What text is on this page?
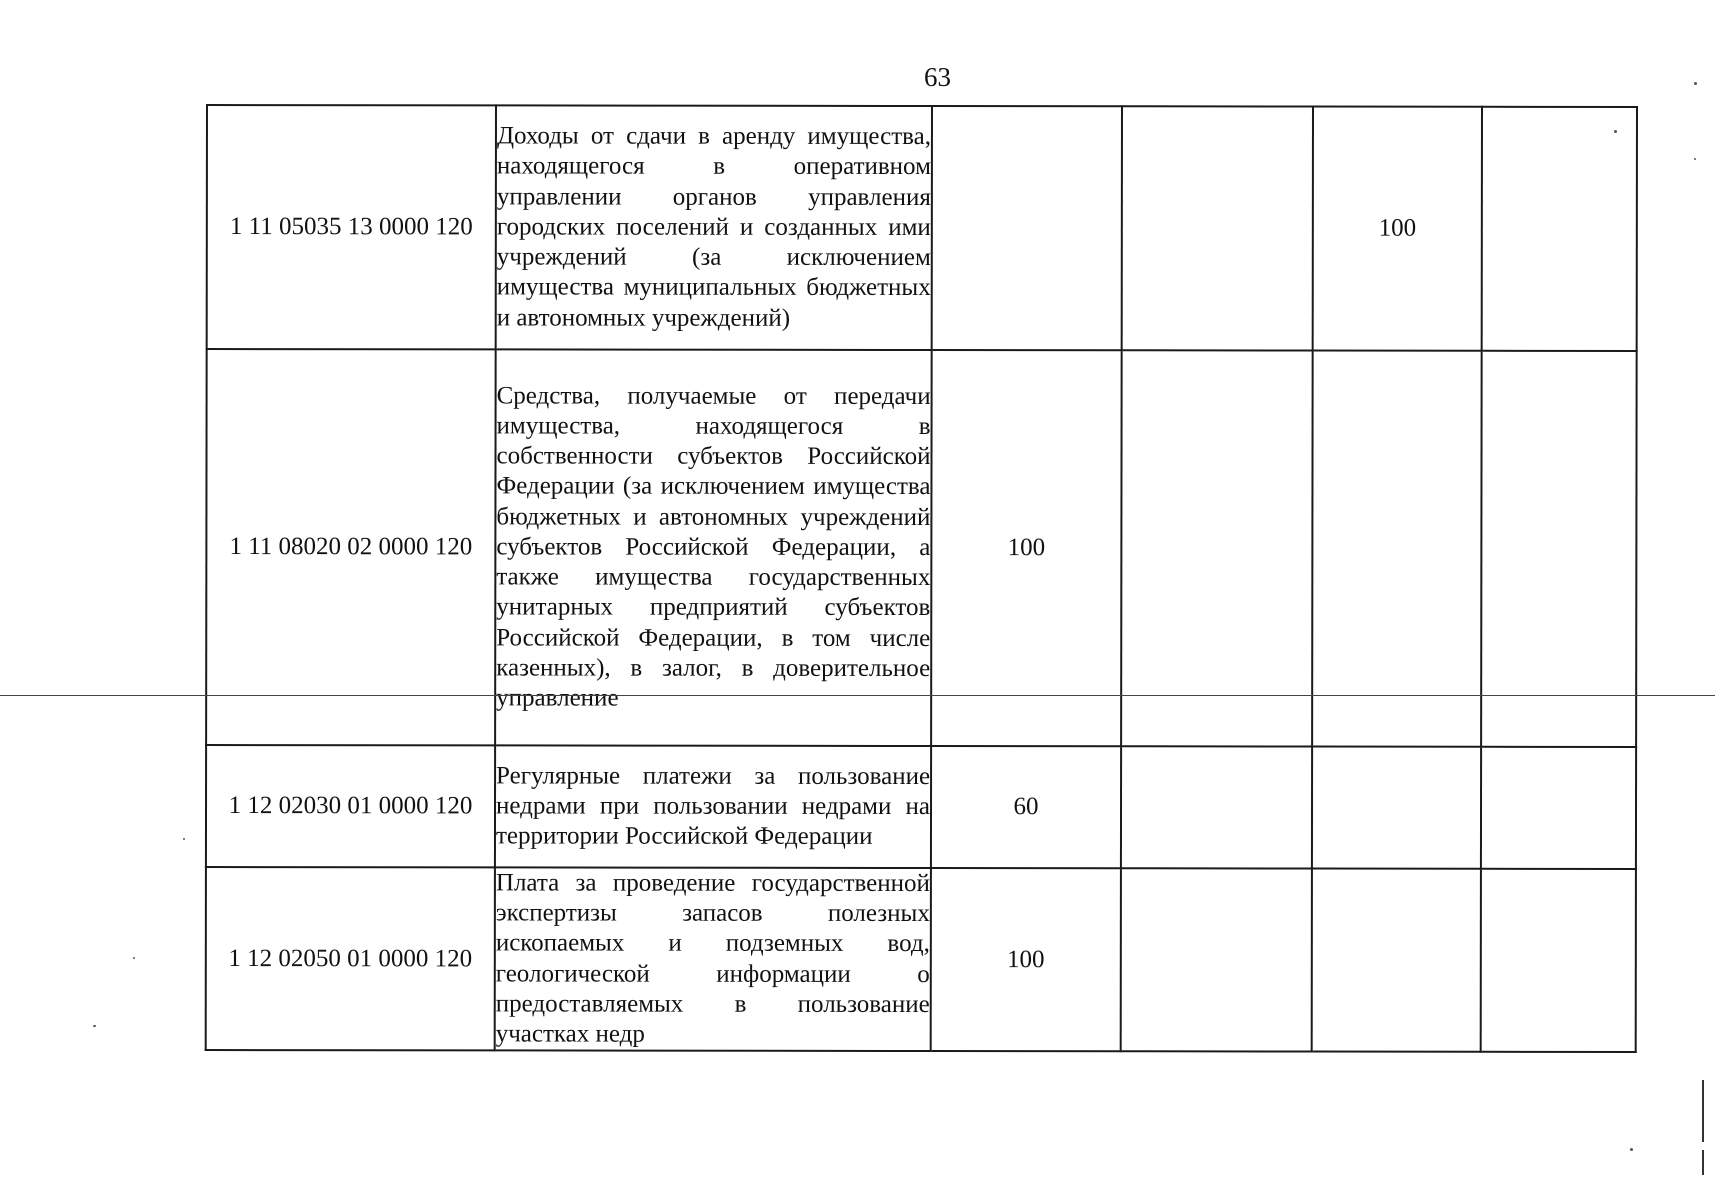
63
1 11 05035 13 0000 120	Доходы от сдачи в аренду имущества, находящегося в оперативном управлении органов управления городских поселений и созданных ими учреждений (за исключением имущества муниципальных бюджетных и автономных учреждений)			100	
1 11 08020 02 0000 120	Средства, получаемые от передачи имущества, находящегося в собственности субъектов Российской Федерации (за исключением имущества бюджетных и автономных учреждений субъектов Российской Федерации, а также имущества государственных унитарных предприятий субъектов Российской Федерации, в том числе казенных), в залог, в доверительное управление	100			
1 12 02030 01 0000 120	Регулярные платежи за пользование недрами при пользовании недрами на территории Российской Федерации	60			
1 12 02050 01 0000 120	Плата за проведение государственной экспертизы запасов полезных ископаемых и подземных вод, геологической информации о предоставляемых в пользование участках недр	100			
